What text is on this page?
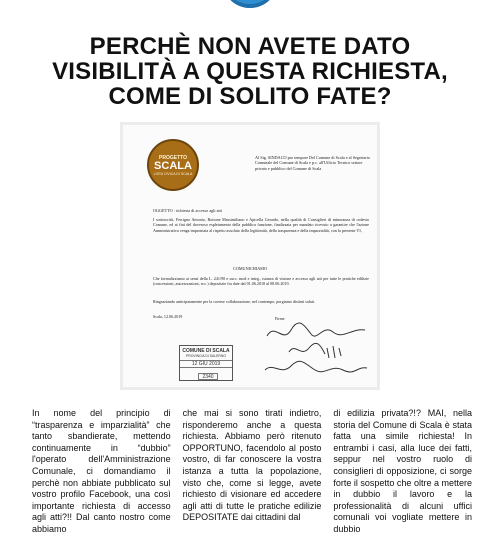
PERCHÈ NON AVETE DATO
VISIBILITÀ A QUESTA RICHIESTA,
COME DI SOLITO FATE?
PROGETTO
SCALA
LISTA CIVICA DI SCALA
Al Sig. SINDACO pro tempore Del Comune di Scala e al Segretario Comunale del Comune di Scala e p.c. all'Ufficio Tecnico settore privato e pubblico del Comune di Scala
OGGETTO : richiesta di accesso agli atti
I sottoscritti, Ferrigno Antonio, Bottone Massimiliano e Apicella Gerardo, nella qualità di Consiglieri di minoranza di codesto Comune, ed ai fini del doveroso espletamento della pubblica funzione, finalizzata per mandato ricevuto a garantire che l'azione Amministrativa venga improntata al rispetto assoluto della legittimità, della trasparenza e della imparzialità, con la presente VI,
COMUNICHIAMO
Che formalizziamo ai sensi della L. 241/90 e succ. mod e integ., istanza di visione e accesso agli atti per tutte le pratiche edilizie (concessioni, autorizzazioni, ecc.) depositate fra date dal 01.06.2018 al 08.06.2019.
Ringraziando anticipatamente per la cortese collaborazione, nel contempo, porgiamo distinti saluti.
Scala, 12.06.2019	Firme
COMUNE DI SCALA
PROVINCIA DI SALERNO
12 GIU 2019
2340
In nome del principio di “trasparenza e imparzialità” che tanto sbandierate, mettendo continuamente in “dubbio” l'operato dell'Amministrazione Comunale, ci domandiamo il perchè non abbiate pubblicato sul vostro profilo Facebook, una così importante richiesta di accesso agli atti?!! Dal canto nostro come abbiamo
che mai si sono tirati indietro, risponderemo anche a questa richiesta. Abbiamo però ritenuto OPPORTUNO, facendolo al posto vostro, di far conoscere la vostra istanza a tutta la popolazione, visto che, come si legge, avete richiesto di visionare ed accedere agli atti di tutte le pratiche edilizie DEPOSITATE dai cittadini dal
di edilizia privata?!? MAI, nella storia del Comune di Scala è stata fatta una simile richiesta! In entrambi i casi, alla luce dei fatti, seppur nel vostro ruolo di consiglieri di opposizione, ci sorge forte il sospetto che oltre a mettere in dubbio il lavoro e la professionalità di alcuni uffici comunali voi vogliate mettere in dubbio
